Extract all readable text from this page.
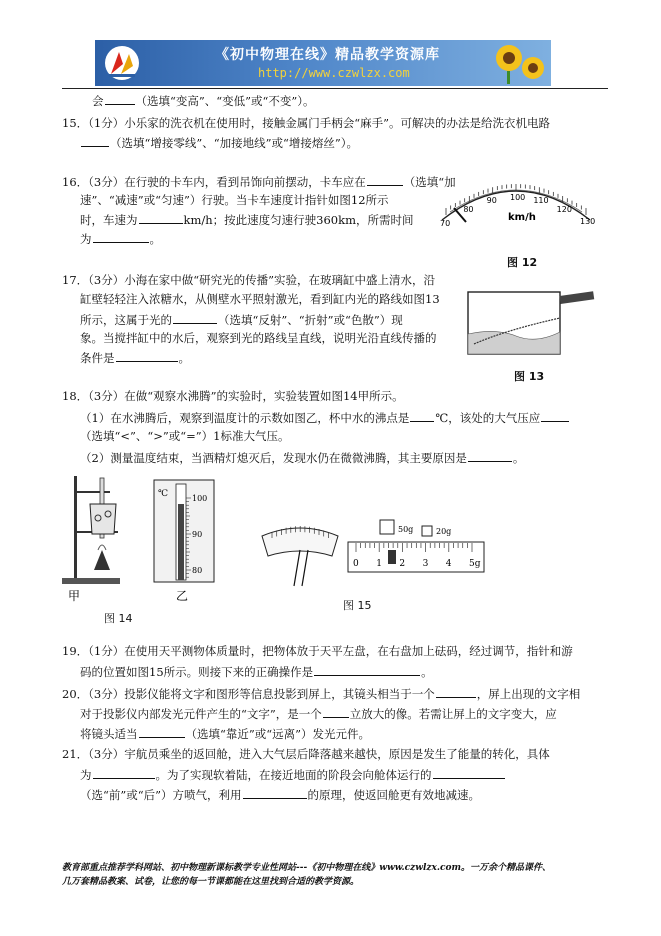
《初中物理在线》精品教学资源库
http://www.czwlzx.com
会	（选填“变高”、“变低”或“不变”）。
15．（1分）小乐家的洗衣机在使用时，接触金属门手柄会“麻手”。可解决的办法是给洗衣机电路
（选填“增接零线”、“加接地线”或“增接熔丝”）。
16．（3分）在行驶的卡车内，看到吊饰向前摆动，卡车应在	（选填“加
速”、“减速”或“匀速”）行驶。当卡车速度计指针如图12所示
时，车速为	km/h；按此速度匀速行驶360km，所需时间
为	。
70
80
90 100 110
120
130
km/h
图 12
17．（3分）小海在家中做“研究光的传播”实验，在玻璃缸中盛上清水，沿
缸壁轻轻注入浓糖水，从侧壁水平照射激光，看到缸内光的路线如图13
所示，这属于光的	（选填“反射”、“折射”或“色散”）现
象。当搅拌缸中的水后，观察到光的路线呈直线，说明光沿直线传播的
条件是	。
图 13
18．（3分）在做“观察水沸腾”的实验时，实验装置如图14甲所示。
（1）在水沸腾后，观察到温度计的示数如图乙，杯中水的沸点是 ℃，该处的大气压应
（选填“<”、“>”或“=”）1标准大气压。
（2）测量温度结束，当酒精灯熄灭后，发现水仍在微微沸腾，其主要原因是	。
甲
℃	100
90
80
乙
图 14
50g	20g
0 1 2 3 4 5g
图 15
19．（1分）在使用天平测物体质量时，把物体放于天平左盘，在右盘加上砝码，经过调节，指针和游
码的位置如图15所示。则接下来的正确操作是	。
20．（3分）投影仪能将文字和图形等信息投影到屏上，其镜头相当于一个	，屏上出现的文字相
对于投影仪内部发光元件产生的“文字”，是一个 立放大的像。若需让屏上的文字变大，应
将镜头适当	（选填“靠近”或“远离”）发光元件。
21．（3分）宇航员乘坐的返回舱，进入大气层后降落越来越快，原因是发生了能量的转化，具体
为	。为了实现软着陆，在接近地面的阶段会向舱体运行的
（选“前”或“后”）方喷气，利用	的原理，使返回舱更有效地减速。
教育部重点推荐学科网站、初中物理新课标教学专业性网站---《初中物理在线》www.czwlzx.com。一万余个精品课件、
几万套精品教案、试卷，让您的每一节课都能在这里找到合适的教学资源。
